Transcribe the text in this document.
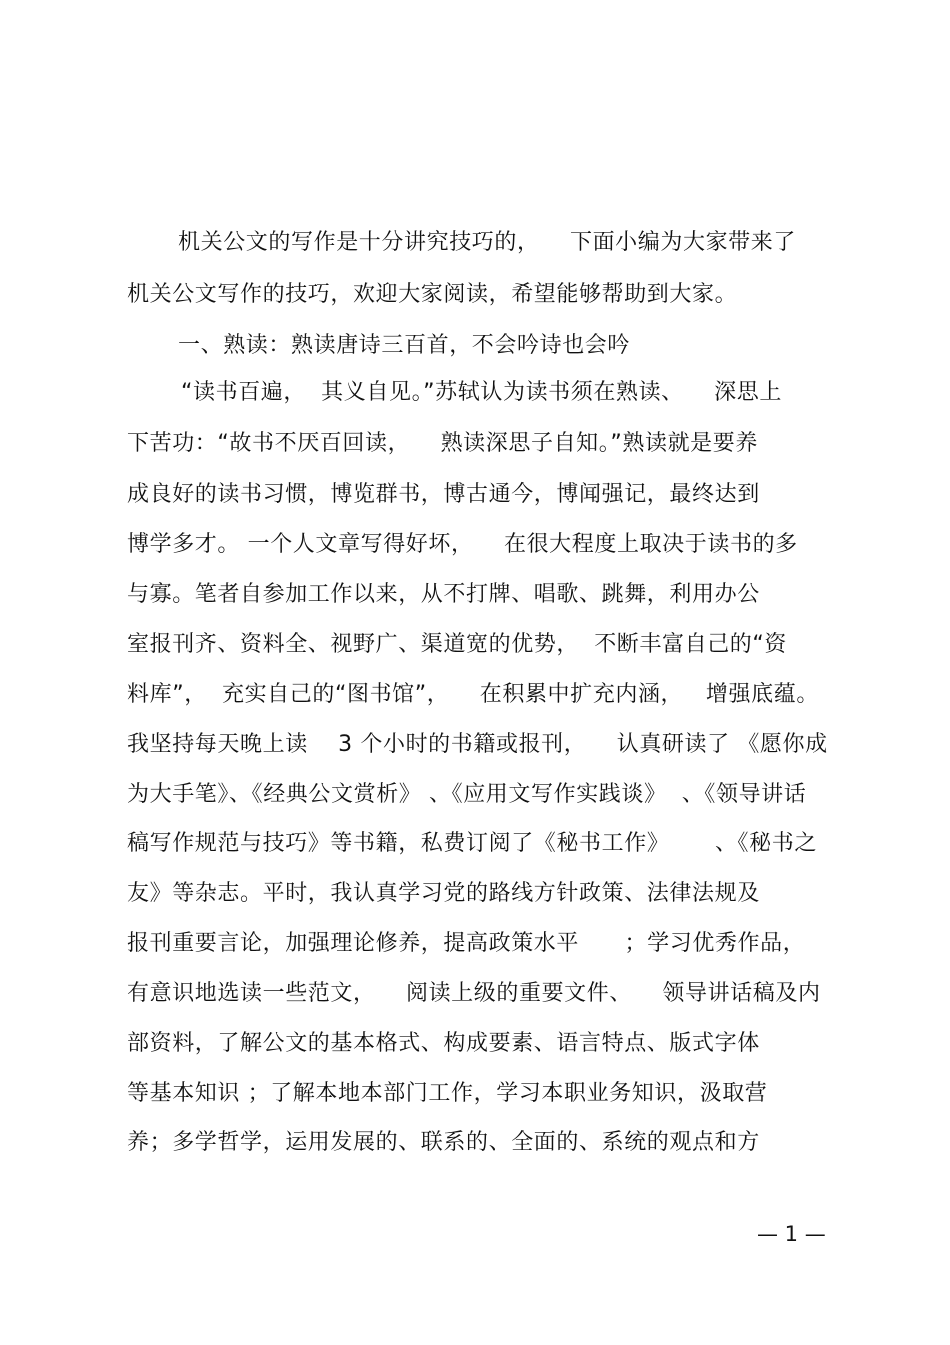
机关公文的写作是十分讲究技巧的，    下面小编为大家带来了
机关公文写作的技巧，欢迎大家阅读，希望能够帮助到大家。
一、熟读：熟读唐诗三百首，不会吟诗也会吟
“读书百遍，  其义自见。”苏轼认为读书须在熟读、    深思上
下苦功：“故书不厌百回读，    熟读深思子自知。”熟读就是要养
成良好的读书习惯，博览群书，博古通今，博闻强记，最终达到
博学多才。 一个人文章写得好坏，    在很大程度上取决于读书的多
与寡。笔者自参加工作以来，从不打牌、唱歌、跳舞，利用办公
室报刊齐、资料全、视野广、渠道宽的优势，  不断丰富自己的“资
料库”，  充实自己的“图书馆”，    在积累中扩充内涵，   增强底蕴。
我坚持每天晚上读    3 个小时的书籍或报刊，    认真研读了 《愿你成
为大手笔》、《经典公文赏析》 、《应用文写作实践谈》  、《领导讲话
稿写作规范与技巧》等书籍，私费订阅了《秘书工作》      、《秘书之
友》等杂志。平时，我认真学习党的路线方针政策、法律法规及
报刊重要言论，加强理论修养，提高政策水平      ；学习优秀作品，
有意识地选读一些范文，    阅读上级的重要文件、    领导讲话稿及内
部资料，了解公文的基本格式、构成要素、语言特点、版式字体
等基本知识 ；了解本地本部门工作，学习本职业务知识，汲取营
养；多学哲学，运用发展的、联系的、全面的、系统的观点和方
— 1 —
